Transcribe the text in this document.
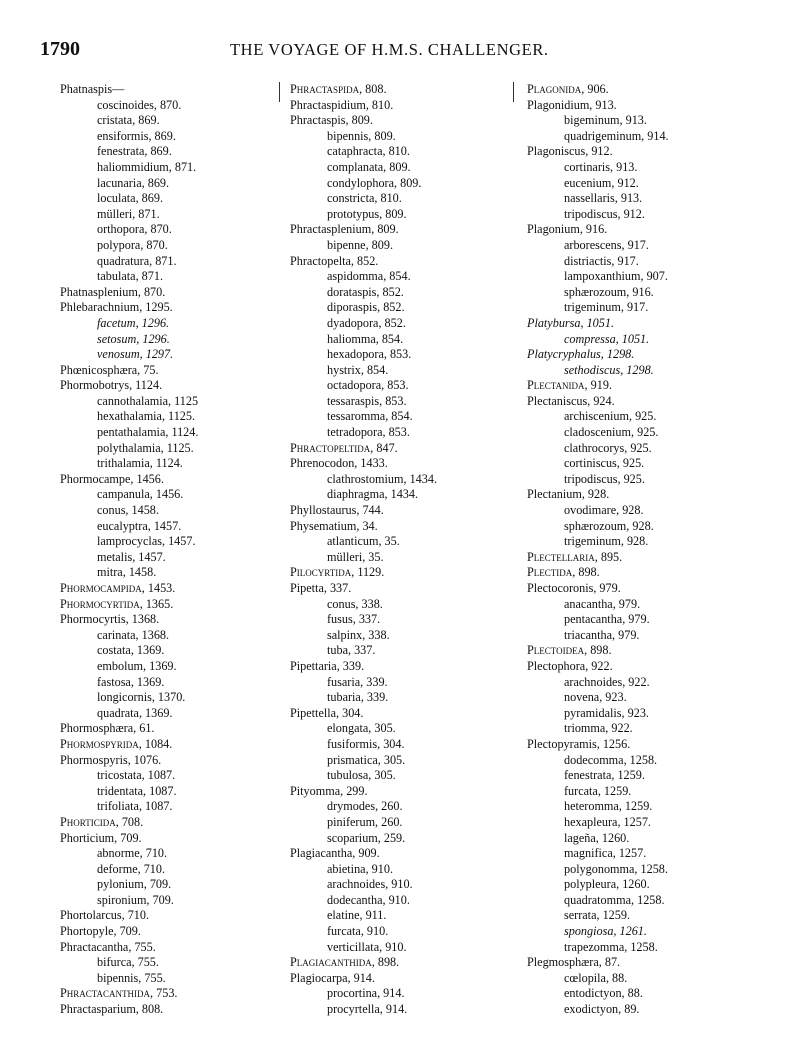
1790	THE VOYAGE OF H.M.S. CHALLENGER.
Phatnaspis—
coscinoides, 870.
cristata, 869.
ensiformis, 869.
fenestrata, 869.
haliommidium, 871.
lacunaria, 869.
loculata, 869.
mülleri, 871.
orthopora, 870.
polypora, 870.
quadratura, 871.
tabulata, 871.
Phatnasplenium, 870.
Phlebarachnium, 1295.
facetum, 1296.
setosum, 1296.
venosum, 1297.
Phœnicosphæra, 75.
Phormobotrys, 1124.
cannothalamia, 1125
hexathalamia, 1125.
pentathalamia, 1124.
polythalamia, 1125.
trithalamia, 1124.
Phormocampe, 1456.
campanula, 1456.
conus, 1458.
eucalyptra, 1457.
lamprocyclas, 1457.
metalis, 1457.
mitra, 1458.
Phormocampida, 1453.
Phormocyrtida, 1365.
Phormocyrtis, 1368.
carinata, 1368.
costata, 1369.
embolum, 1369.
fastosa, 1369.
longicornis, 1370.
quadrata, 1369.
Phormosphæra, 61.
Phormospyrida, 1084.
Phormospyris, 1076.
tricostata, 1087.
tridentata, 1087.
trifoliata, 1087.
Phorticida, 708.
Phorticium, 709.
abnorme, 710.
deforme, 710.
pylonium, 709.
spironium, 709.
Phortolarcus, 710.
Phortopyle, 709.
Phractacantha, 755.
bifurca, 755.
bipennis, 755.
Phractacanthida, 753.
Phractasparium, 808.
Phractaspida, 808.
Phractaspidium, 810.
Phractaspis, 809.
bipennis, 809.
cataphracta, 810.
complanata, 809.
condylophora, 809.
constricta, 810.
prototypus, 809.
Phractasplenium, 809.
bipenne, 809.
Phractopelta, 852.
aspidomma, 854.
dorataspis, 852.
diporaspis, 852.
dyadopora, 852.
haliomma, 854.
hexadopora, 853.
hystrix, 854.
octadopora, 853.
tessaraspis, 853.
tessaromma, 854.
tetradopora, 853.
Phractopeltida, 847.
Phrenocodon, 1433.
clathrostomium, 1434.
diaphragma, 1434.
Phyllostaurus, 744.
Physematium, 34.
atlanticum, 35.
mülleri, 35.
Pilocyrtida, 1129.
Pipetta, 337.
conus, 338.
fusus, 337.
salpinx, 338.
tuba, 337.
Pipettaria, 339.
fusaria, 339.
tubaria, 339.
Pipettella, 304.
elongata, 305.
fusiformis, 304.
prismatica, 305.
tubulosa, 305.
Pityomma, 299.
drymodes, 260.
piniferum, 260.
scoparium, 259.
Plagiacantha, 909.
abietina, 910.
arachnoides, 910.
dodecantha, 910.
elatine, 911.
furcata, 910.
verticillata, 910.
Plagiacanthida, 898.
Plagiocarpa, 914.
procortina, 914.
procyrtella, 914.
Plagonida, 906.
Plagonidium, 913.
bigeminum, 913.
quadrigeminum, 914.
Plagoniscus, 912.
cortinaris, 913.
eucenium, 912.
nassellaris, 913.
tripodiscus, 912.
Plagonium, 916.
arborescens, 917.
distriactis, 917.
lampoxanthium, 907.
sphærozoum, 916.
trigeminum, 917.
Platybursa, 1051.
compressa, 1051.
Platycryphalus, 1298.
sethodiscus, 1298.
Plectanida, 919.
Plectaniscus, 924.
archiscenium, 925.
cladoscenium, 925.
clathrocorys, 925.
cortiniscus, 925.
tripodiscus, 925.
Plectanium, 928.
ovodimare, 928.
sphærozoum, 928.
trigeminum, 928.
Plectellaria, 895.
Plectida, 898.
Plectocoronis, 979.
anacantha, 979.
pentacantha, 979.
triacantha, 979.
Plectoidea, 898.
Plectophora, 922.
arachnoides, 922.
novena, 923.
pyramidalis, 923.
triomma, 922.
Plectopyramis, 1256.
dodecomma, 1258.
fenestrata, 1259.
furcata, 1259.
heteromma, 1259.
hexapleura, 1257.
lageña, 1260.
magnifica, 1257.
polygonomma, 1258.
polypleura, 1260.
quadratomma, 1258.
serrata, 1259.
spongiosa, 1261.
trapezomma, 1258.
Plegmosphæra, 87.
cœlopila, 88.
entodictyon, 88.
exodictyon, 89.
